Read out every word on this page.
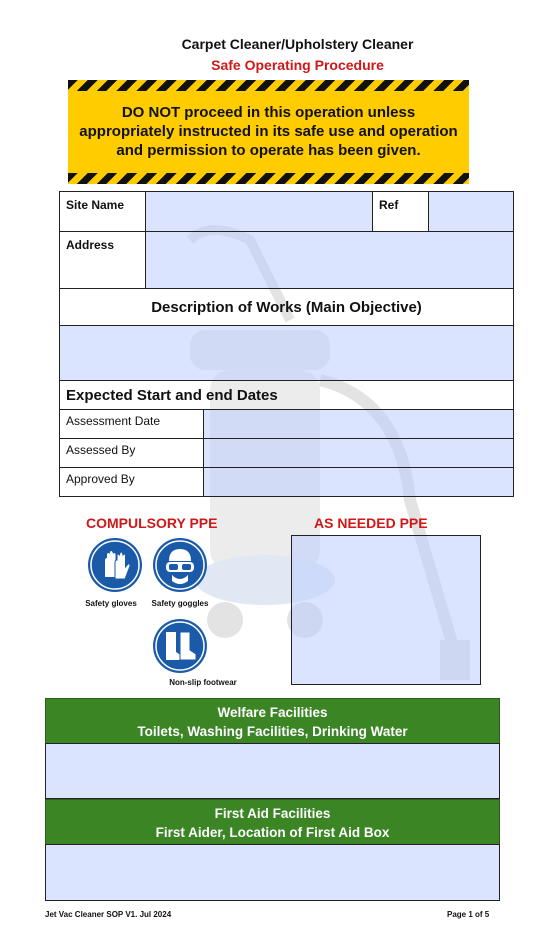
Carpet Cleaner/Upholstery Cleaner
Safe Operating Procedure
DO NOT proceed in this operation unless
appropriately instructed in its safe use and operation
and permission to operate has been given.
Site Name	Ref
Address
Description of Works (Main Objective)
Expected Start and end Dates
Assessment Date
Assessed By
Approved By
COMPULSORY PPE	AS NEEDED PPE
Safety gloves	Safety goggles
Non-slip footwear
Welfare Facilities
Toilets, Washing Facilities, Drinking Water
First Aid Facilities
First Aider, Location of First Aid Box
Jet Vac Cleaner SOP V1. Jul 2024	Page 1 of 5
